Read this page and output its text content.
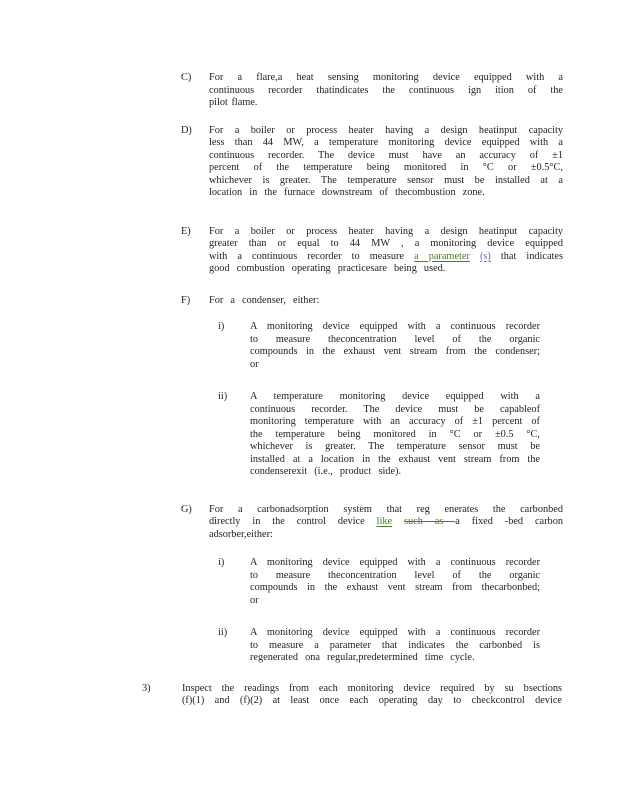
C)	For a flare,a heat sensing monitoring device equipped with a
continuous recorder thatindicates the continuous ign ition of the
pilot flame.
D)	For a boiler or process heater having a design heatinput capacity
less than 44 MW, a temperature monitoring device equipped with a
continuous recorder. The device must have an accuracy of ±1
percent of the temperature being monitored in °C or ±0.5°C,
whichever is greater. The temperature sensor must be installed at a
location in the furnace downstream of thecombustion zone.
E)	For a boiler or process heater having a design heatinput capacity
greater than or equal to 44 MW , a monitoring device equipped
with a continuous recorder to measure a parameter (s) that indicates
good combustion operating practicesare being used.
F)	For a condenser, either:
i)	A monitoring device equipped with a continuous recorder
to measure theconcentration level of the organic
compounds in the exhaust vent stream from the condenser;
or
ii)	A temperature monitoring device equipped with a
continuous recorder. The device must be capableof
monitoring temperature with an accuracy of ±1 percent of
the temperature being monitored in °C or ±0.5 °C,
whichever is greater. The temperature sensor must be
installed at a location in the exhaust vent stream from the
condenserexit (i.e., product side).
G)	For a carbonadsorption system that reg enerates the carbonbed
directly in the control device like such as a fixed -bed carbon
adsorber,either:
i)	A monitoring device equipped with a continuous recorder
to measure theconcentration level of the organic
compounds in the exhaust vent stream from thecarbonbed;
or
ii)	A monitoring device equipped with a continuous recorder
to measure a parameter that indicates the carbonbed is
regenerated ona regular,predetermined time cycle.
3)	Inspect the readings from each monitoring device required by su bsections
(f)(1) and (f)(2) at least once each operating day to checkcontrol device
